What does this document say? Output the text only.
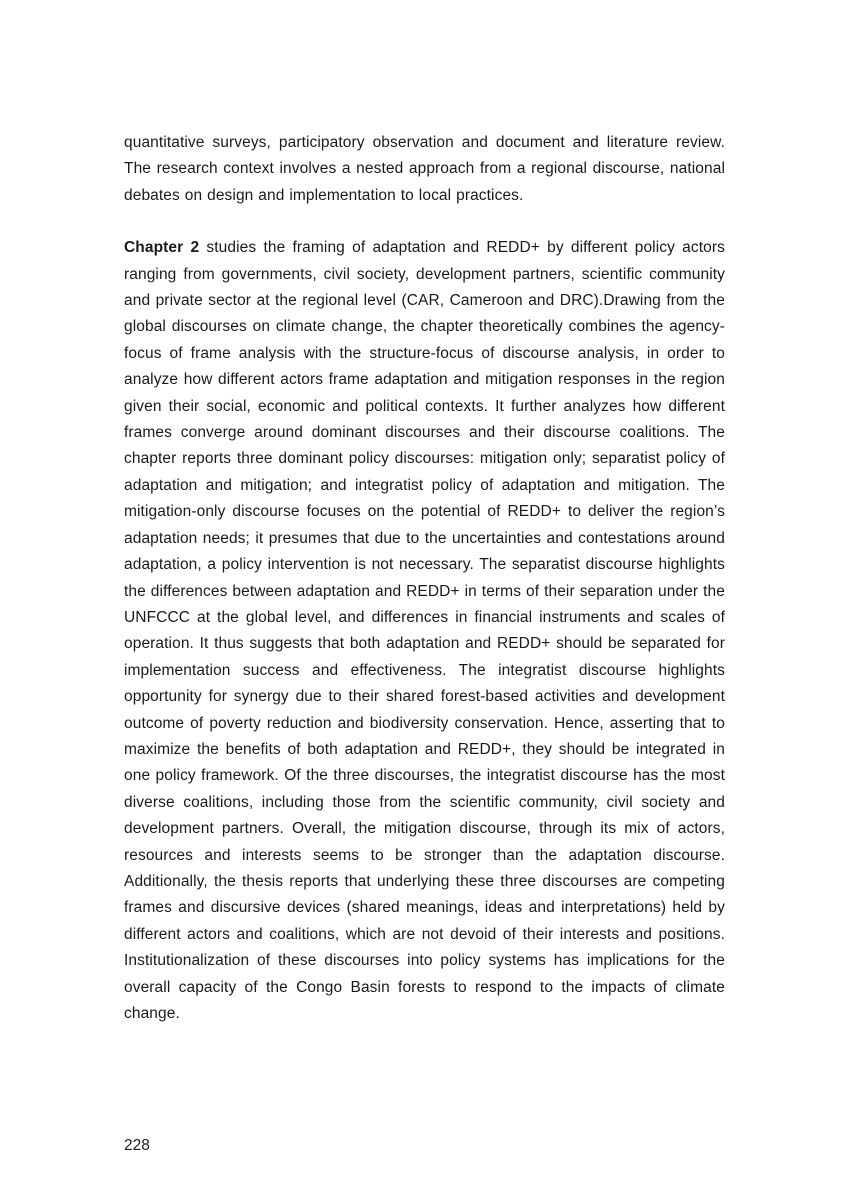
quantitative surveys, participatory observation and document and literature review. The research context involves a nested approach from a regional discourse, national debates on design and implementation to local practices.

Chapter 2 studies the framing of adaptation and REDD+ by different policy actors ranging from governments, civil society, development partners, scientific community and private sector at the regional level (CAR, Cameroon and DRC).Drawing from the global discourses on climate change, the chapter theoretically combines the agency-focus of frame analysis with the structure-focus of discourse analysis, in order to analyze how different actors frame adaptation and mitigation responses in the region given their social, economic and political contexts. It further analyzes how different frames converge around dominant discourses and their discourse coalitions. The chapter reports three dominant policy discourses: mitigation only; separatist policy of adaptation and mitigation; and integratist policy of adaptation and mitigation. The mitigation-only discourse focuses on the potential of REDD+ to deliver the region’s adaptation needs; it presumes that due to the uncertainties and contestations around adaptation, a policy intervention is not necessary. The separatist discourse highlights the differences between adaptation and REDD+ in terms of their separation under the UNFCCC at the global level, and differences in financial instruments and scales of operation. It thus suggests that both adaptation and REDD+ should be separated for implementation success and effectiveness. The integratist discourse highlights opportunity for synergy due to their shared forest-based activities and development outcome of poverty reduction and biodiversity conservation. Hence, asserting that to maximize the benefits of both adaptation and REDD+, they should be integrated in one policy framework. Of the three discourses, the integratist discourse has the most diverse coalitions, including those from the scientific community, civil society and development partners. Overall, the mitigation discourse, through its mix of actors, resources and interests seems to be stronger than the adaptation discourse. Additionally, the thesis reports that underlying these three discourses are competing frames and discursive devices (shared meanings, ideas and interpretations) held by different actors and coalitions, which are not devoid of their interests and positions. Institutionalization of these discourses into policy systems has implications for the overall capacity of the Congo Basin forests to respond to the impacts of climate change.

228
